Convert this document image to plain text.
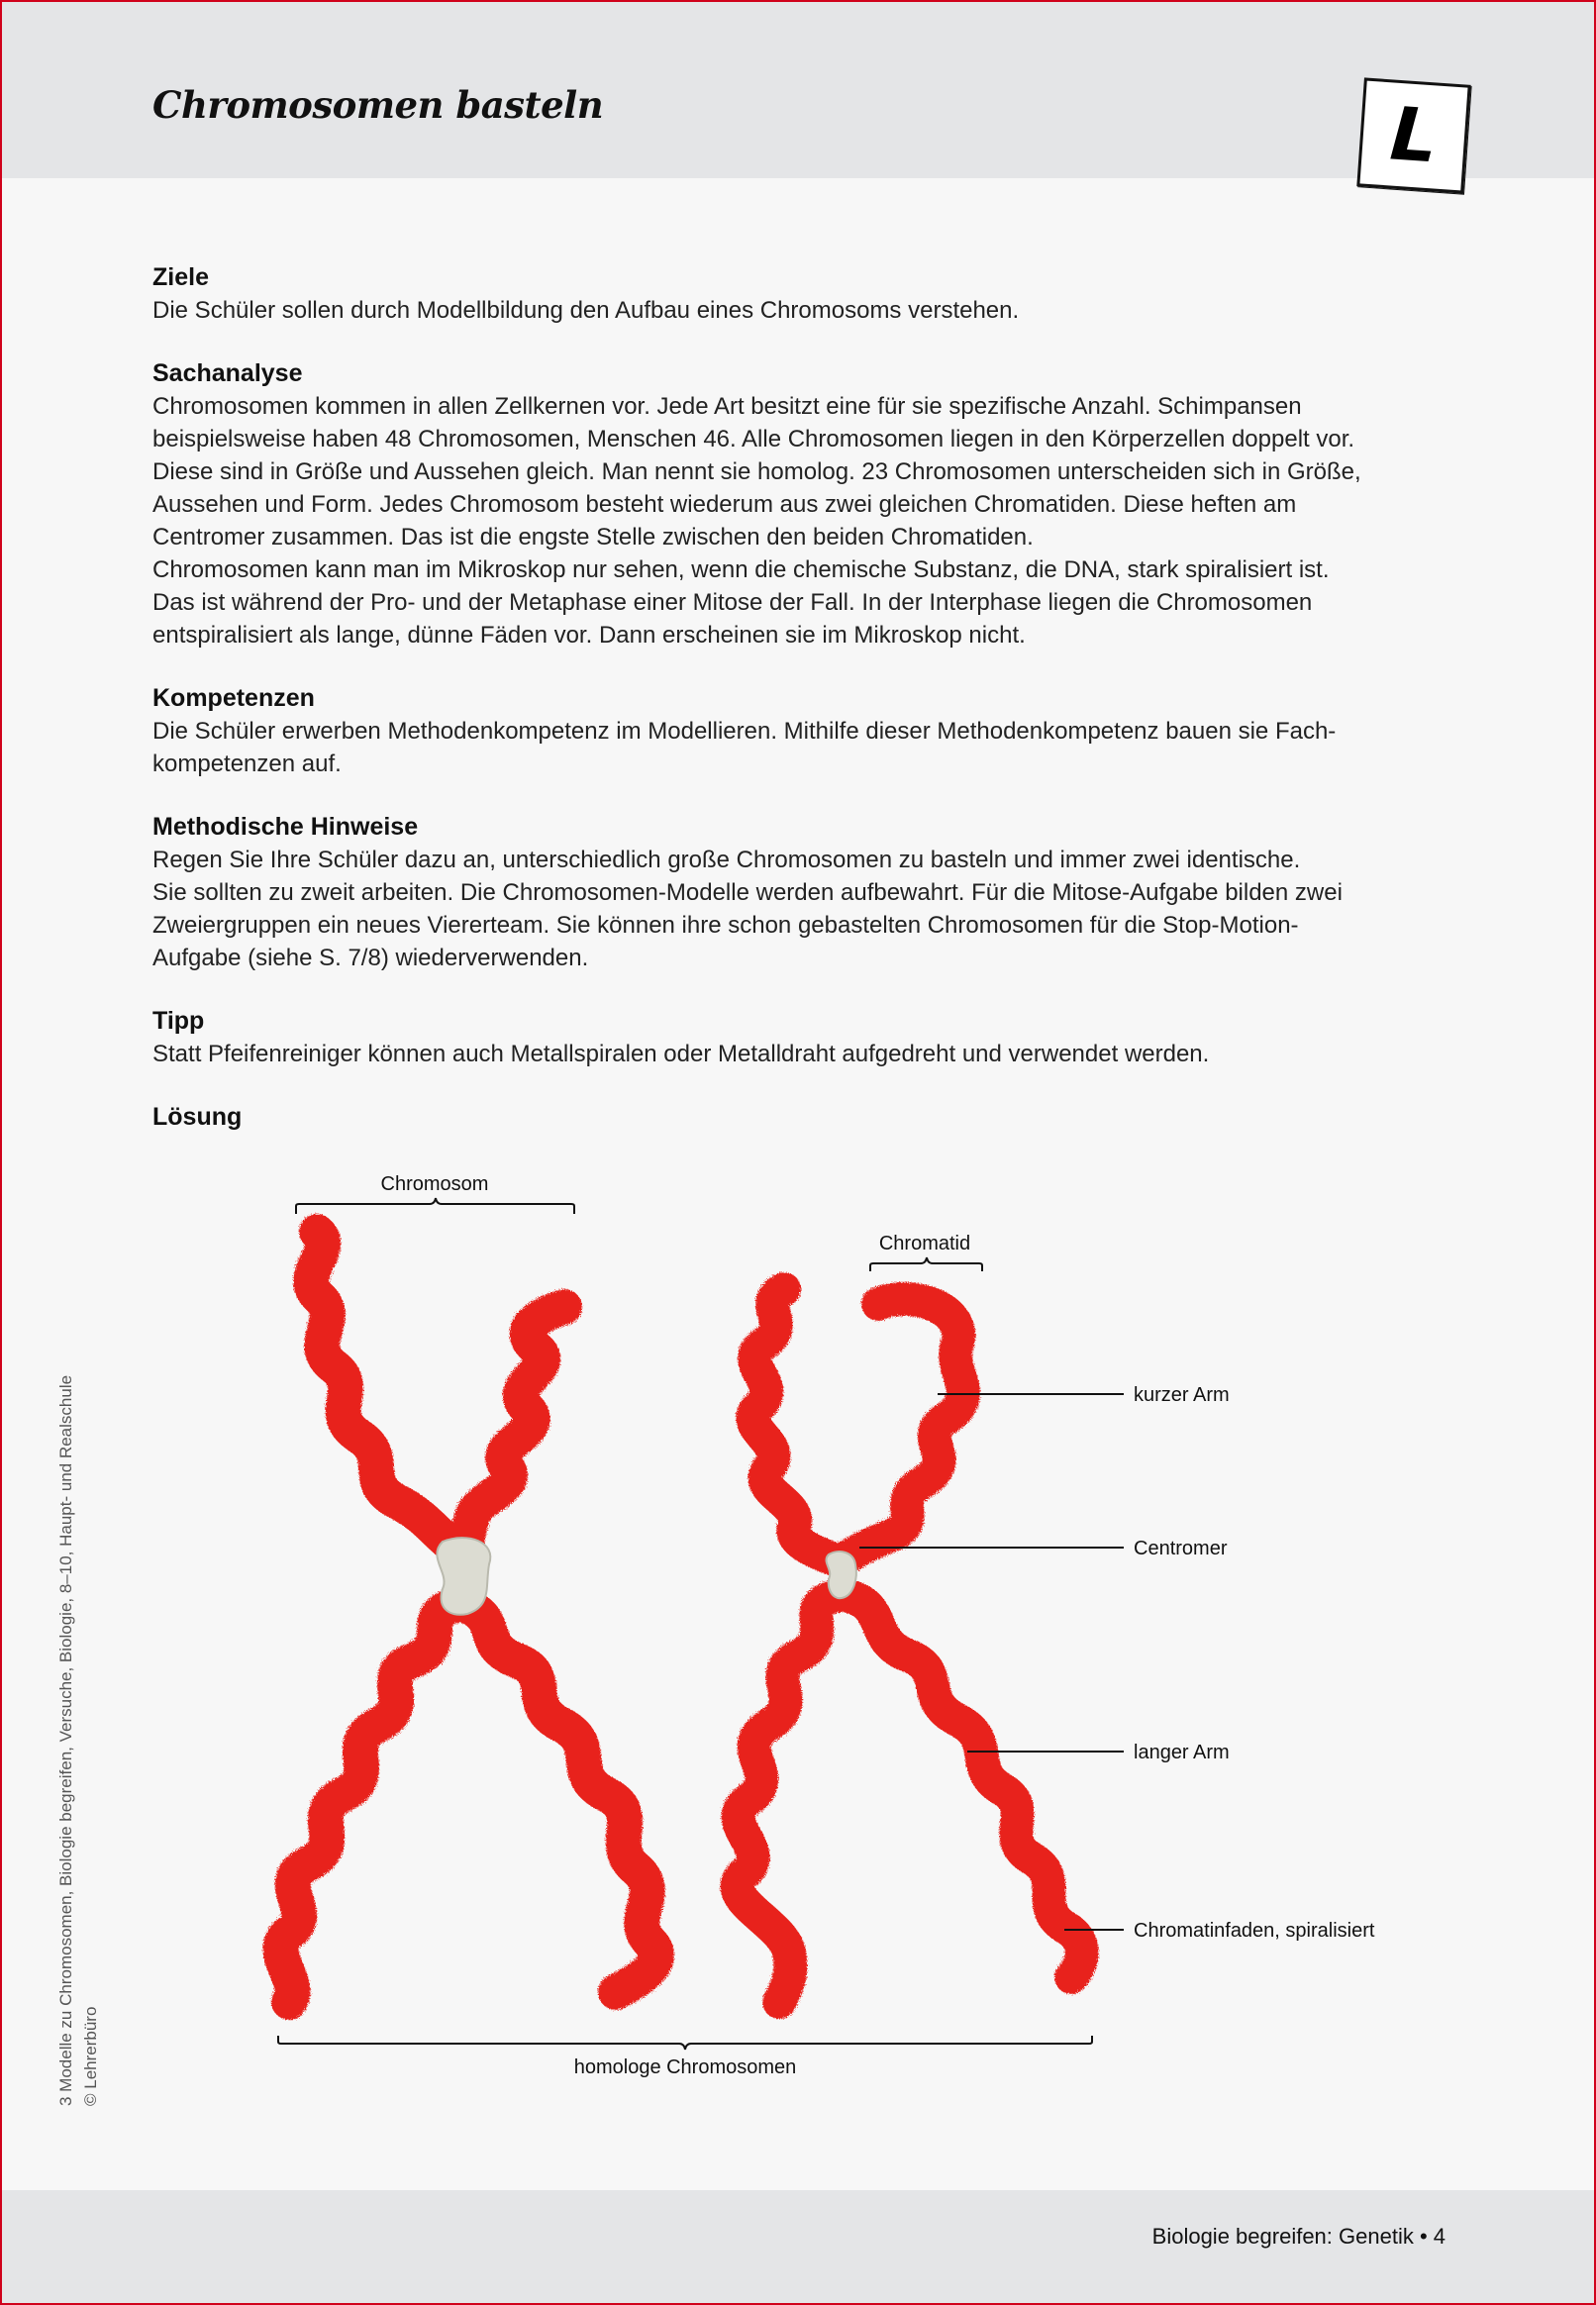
Chromosomen basteln	L
Ziele

Die Schüler sollen durch Modellbildung den Aufbau eines Chromosoms verstehen.

Sachanalyse

Chromosomen kommen in allen Zellkernen vor. Jede Art besitzt eine für sie spezifische Anzahl. Schimpansen

beispielsweise haben 48 Chromosomen, Menschen 46. Alle Chromosomen liegen in den Körperzellen doppelt vor.

Diese sind in Größe und Aussehen gleich. Man nennt sie homolog. 23 Chromosomen unterscheiden sich in Größe,

Aussehen und Form. Jedes Chromosom besteht wiederum aus zwei gleichen Chromatiden. Diese heften am

Centromer zusammen. Das ist die engste Stelle zwischen den beiden Chromatiden.

Chromosomen kann man im Mikroskop nur sehen, wenn die chemische Substanz, die DNA, stark spiralisiert ist.

Das ist während der Pro- und der Metaphase einer Mitose der Fall. In der Interphase liegen die Chromosomen

entspiralisiert als lange, dünne Fäden vor. Dann erscheinen sie im Mikroskop nicht.

Kompetenzen

Die Schüler erwerben Methodenkompetenz im Modellieren. Mithilfe dieser Methodenkompetenz bauen sie Fach-

kompetenzen auf.

Methodische Hinweise

Regen Sie Ihre Schüler dazu an, unterschiedlich große Chromosomen zu basteln und immer zwei identische.

Sie sollten zu zweit arbeiten. Die Chromosomen-Modelle werden aufbewahrt. Für die Mitose-Aufgabe bilden zwei

Zweiergruppen ein neues Viererteam. Sie können ihre schon gebastelten Chromosomen für die Stop-Motion-

Aufgabe (siehe S. 7/8) wiederverwenden.

Tipp

Statt Pfeifenreiniger können auch Metallspiralen oder Metalldraht aufgedreht und verwendet werden.

Lösung
Chromosom
Chromatid
homologe Chromosomen
kurzer Arm
Centromer
langer Arm
Chromatinfaden, spiralisiert
3 Modelle zu Chromosomen, Biologie begreifen, Versuche, Biologie, 8–10, Haupt- und Realschule © Lehrerbüro
Biologie begreifen: Genetik • 4
